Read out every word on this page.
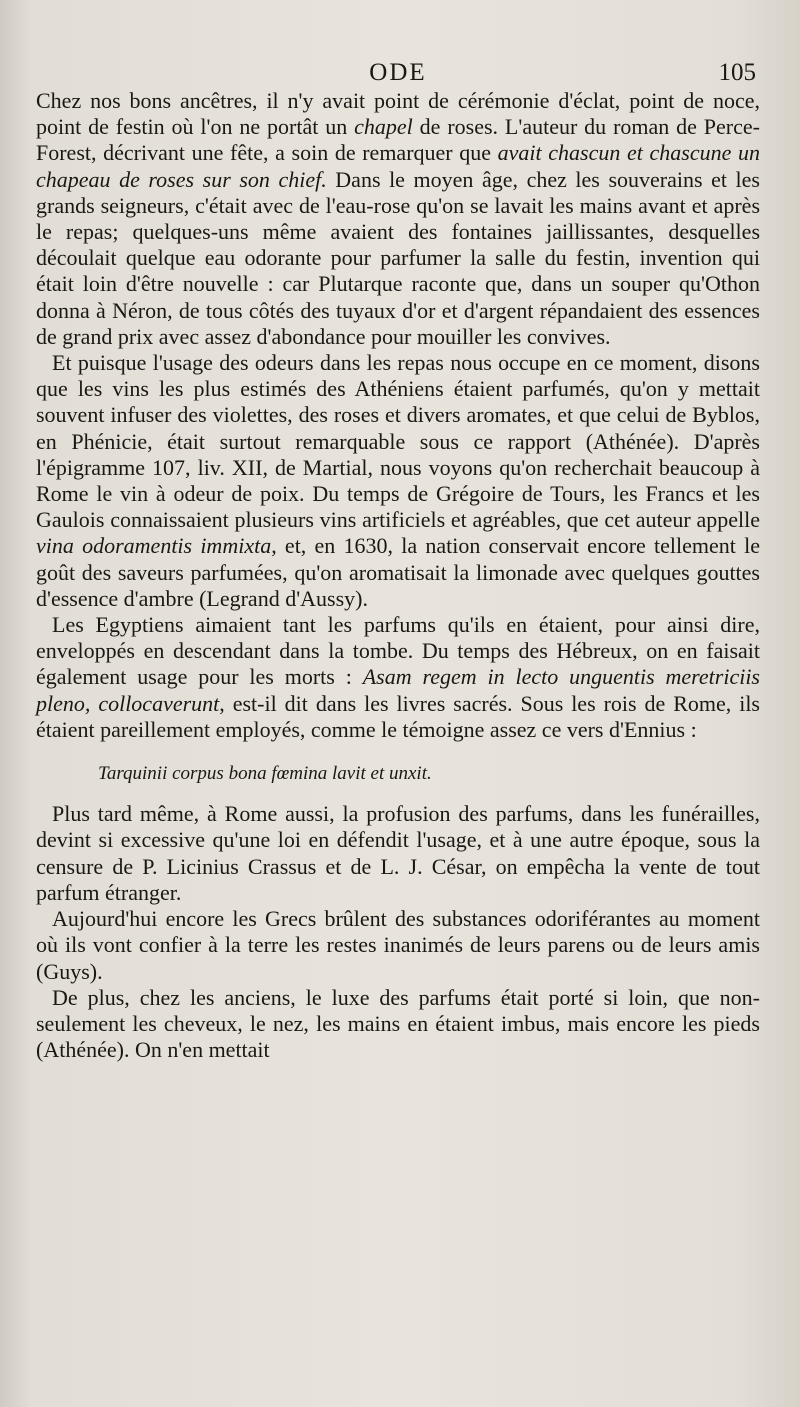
ODE	105

Chez nos bons ancêtres, il n'y avait point de cérémonie d'éclat, point de noce, point de festin où l'on ne portât un chapel de roses. L'auteur du roman de Perce-Forest, décrivant une fête, a soin de remarquer que avait chascun et chascune un chapeau de roses sur son chief. Dans le moyen âge, chez les souverains et les grands seigneurs, c'était avec de l'eau-rose qu'on se lavait les mains avant et après le repas; quelques-uns même avaient des fontaines jaillissantes, desquelles découlait quelque eau odorante pour parfumer la salle du festin, invention qui était loin d'être nouvelle : car Plutarque raconte que, dans un souper qu'Othon donna à Néron, de tous côtés des tuyaux d'or et d'argent répandaient des essences de grand prix avec assez d'abondance pour mouiller les convives.

Et puisque l'usage des odeurs dans les repas nous occupe en ce moment, disons que les vins les plus estimés des Athéniens étaient parfumés, qu'on y mettait souvent infuser des violettes, des roses et divers aromates, et que celui de Byblos, en Phénicie, était surtout remarquable sous ce rapport (Athénée). D'après l'épigramme 107, liv. XII, de Martial, nous voyons qu'on recherchait beaucoup à Rome le vin à odeur de poix. Du temps de Grégoire de Tours, les Francs et les Gaulois connaissaient plusieurs vins artificiels et agréables, que cet auteur appelle vina odoramentis immixta, et, en 1630, la nation conservait encore tellement le goût des saveurs parfumées, qu'on aromatisait la limonade avec quelques gouttes d'essence d'ambre (Legrand d'Aussy).

Les Egyptiens aimaient tant les parfums qu'ils en étaient, pour ainsi dire, enveloppés en descendant dans la tombe. Du temps des Hébreux, on en faisait également usage pour les morts : Asam regem in lecto unguentis meretriciis pleno, collocaverunt, est-il dit dans les livres sacrés. Sous les rois de Rome, ils étaient pareillement employés, comme le témoigne assez ce vers d'Ennius :

Tarquinii corpus bona fœmina lavit et unxit.

Plus tard même, à Rome aussi, la profusion des parfums, dans les funérailles, devint si excessive qu'une loi en défendit l'usage, et à une autre époque, sous la censure de P. Licinius Crassus et de L. J. César, on empêcha la vente de tout parfum étranger.

Aujourd'hui encore les Grecs brûlent des substances odoriférantes au moment où ils vont confier à la terre les restes inanimés de leurs parens ou de leurs amis (Guys).

De plus, chez les anciens, le luxe des parfums était porté si loin, que non-seulement les cheveux, le nez, les mains en étaient imbus, mais encore les pieds (Athénée). On n'en mettait
